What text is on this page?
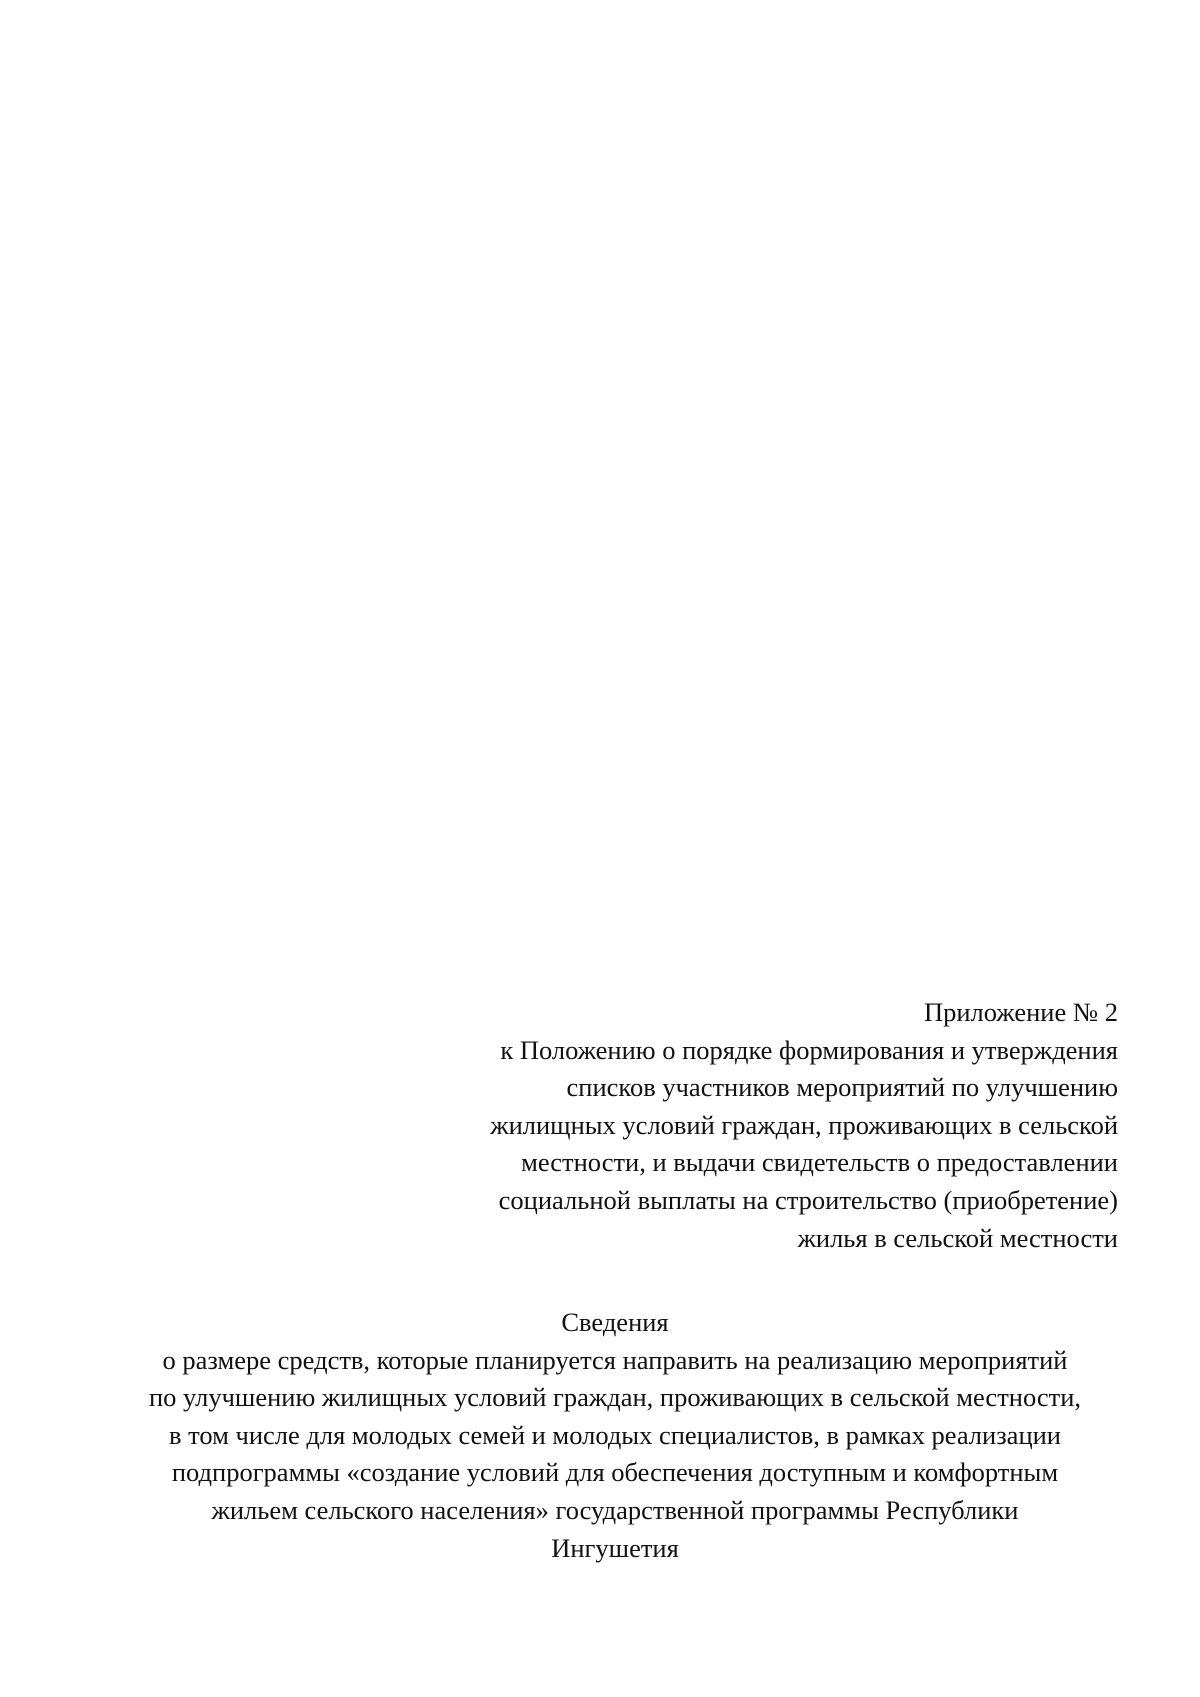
Приложение № 2
к Положению о порядке формирования и утверждения
списков участников мероприятий по улучшению
жилищных условий граждан, проживающих в сельской
местности, и выдачи свидетельств о предоставлении
социальной выплаты на строительство (приобретение)
жилья в сельской местности
Сведения
о размере средств, которые планируется направить на реализацию мероприятий
по улучшению жилищных условий граждан, проживающих в сельской местности,
в том числе для молодых семей и молодых специалистов, в рамках реализации
подпрограммы «создание условий для обеспечения доступным и комфортным
жильем сельского населения» государственной программы Республики
Ингушетия
